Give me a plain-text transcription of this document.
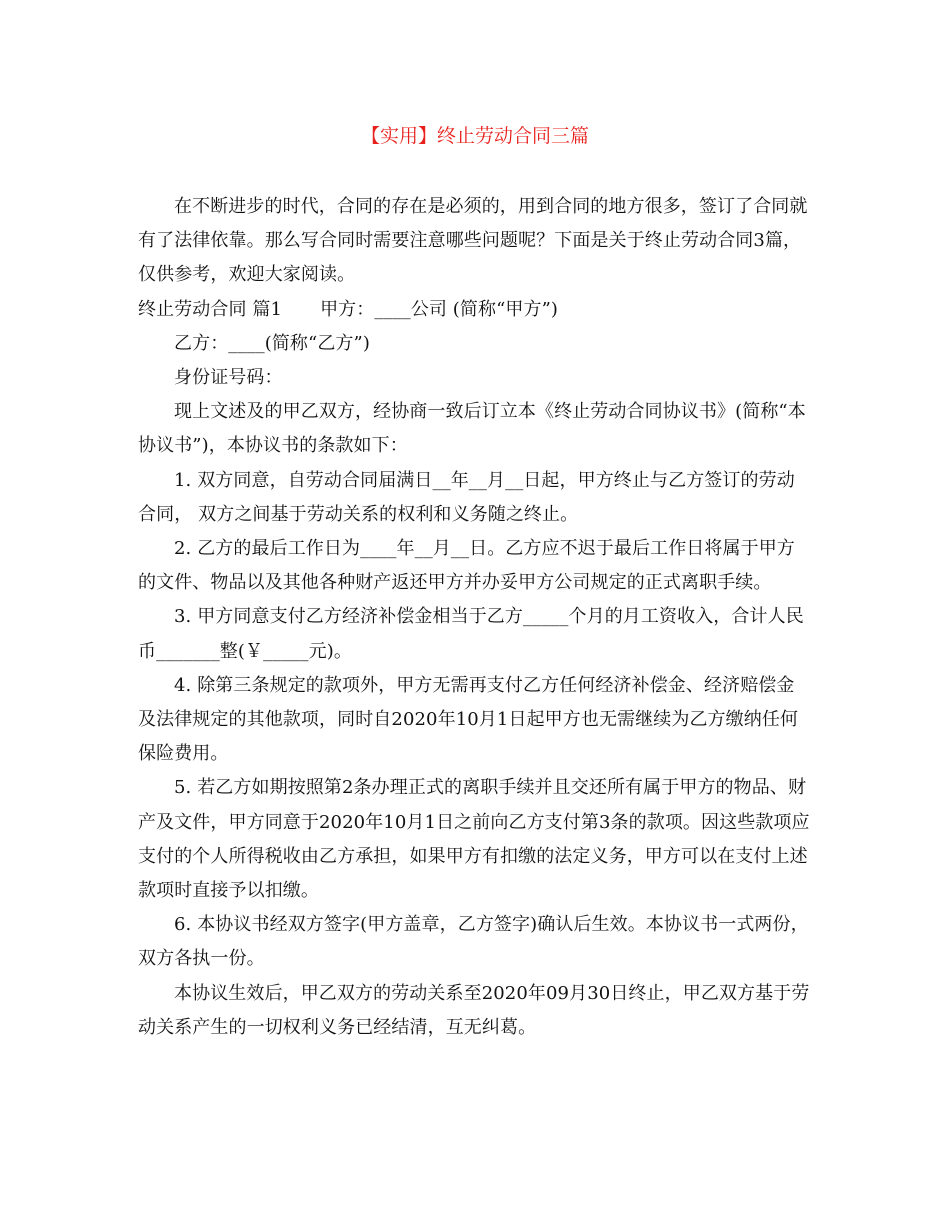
【实用】终止劳动合同三篇

在不断进步的时代，合同的存在是必须的，用到合同的地方很多，签订了合同就有了法律依靠。那么写合同时需要注意哪些问题呢？下面是关于终止劳动合同3篇，仅供参考，欢迎大家阅读。

终止劳动合同 篇1 甲方：____公司 (简称“甲方”)

乙方：____(简称“乙方”)

身份证号码：

现上文述及的甲乙双方，经协商一致后订立本《终止劳动合同协议书》(简称“本协议书”)，本协议书的条款如下：

1. 双方同意，自劳动合同届满日__年__月__日起，甲方终止与乙方签订的劳动合同， 双方之间基于劳动关系的权利和义务随之终止。

2. 乙方的最后工作日为____年__月__日。乙方应不迟于最后工作日将属于甲方的文件、物品以及其他各种财产返还甲方并办妥甲方公司规定的正式离职手续。

3. 甲方同意支付乙方经济补偿金相当于乙方_____个月的月工资收入，合计人民币_______整(￥_____元)。

4. 除第三条规定的款项外，甲方无需再支付乙方任何经济补偿金、经济赔偿金及法律规定的其他款项，同时自2020年10月1日起甲方也无需继续为乙方缴纳任何保险费用。

5. 若乙方如期按照第2条办理正式的离职手续并且交还所有属于甲方的物品、财产及文件，甲方同意于2020年10月1日之前向乙方支付第3条的款项。因这些款项应支付的个人所得税收由乙方承担，如果甲方有扣缴的法定义务，甲方可以在支付上述款项时直接予以扣缴。

6. 本协议书经双方签字(甲方盖章，乙方签字)确认后生效。本协议书一式两份，双方各执一份。

本协议生效后，甲乙双方的劳动关系至2020年09月30日终止，甲乙双方基于劳动关系产生的一切权利义务已经结清，互无纠葛。
